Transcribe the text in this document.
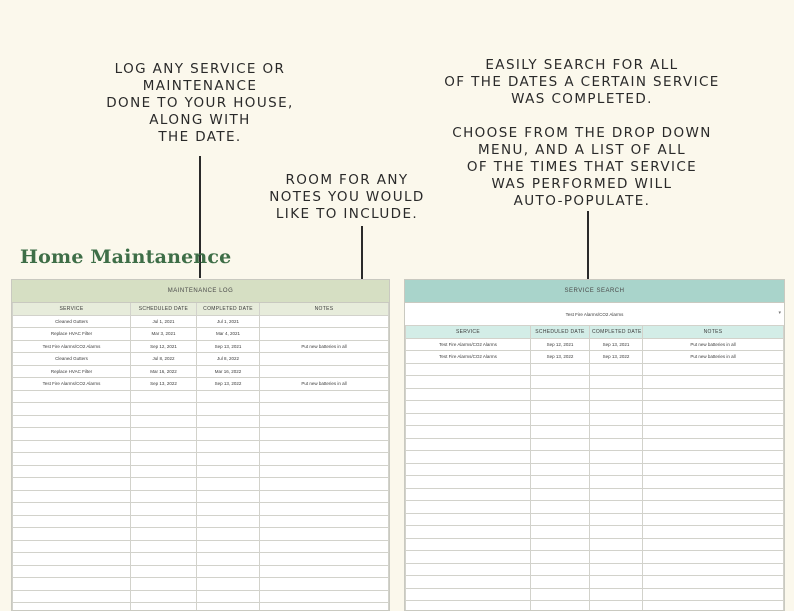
LOG ANY SERVICE OR
MAINTENANCE
DONE TO YOUR HOUSE,
ALONG WITH
THE DATE.

ROOM FOR ANY
NOTES YOU WOULD
LIKE TO INCLUDE.

EASILY SEARCH FOR ALL
OF THE DATES A CERTAIN SERVICE
WAS COMPLETED.

CHOOSE FROM THE DROP DOWN
MENU, AND A LIST OF ALL
OF THE TIMES THAT SERVICE
WAS PERFORMED WILL
AUTO-POPULATE.

Home Maintanence
MAINTENANCE LOG
SERVICE	SCHEDULED DATE	COMPLETED DATE	NOTES
Cleaned Gutters	Jul 1, 2021	Jul 1, 2021	
Replace HVAC Filter	Mar 3, 2021	Mar 4, 2021	
Test Fire Alarms/CO2 Alarms	Sep 12, 2021	Sep 13, 2021	Put new batteries in all
Cleaned Gutters	Jul 8, 2022	Jul 8, 2022	
Replace HVAC Filter	Mar 16, 2022	Mar 16, 2022	
Test Fire Alarms/CO2 Alarms	Sep 13, 2022	Sep 13, 2022	Put new batteries in all

SERVICE SEARCH
Test Fire Alarms/CO2 Alarms	▾
SERVICE	SCHEDULED DATE	COMPLETED DATE	NOTES
Test Fire Alarms/CO2 Alarms	Sep 12, 2021	Sep 13, 2021	Put new batteries in all
Test Fire Alarms/CO2 Alarms	Sep 13, 2022	Sep 13, 2022	Put new batteries in all
